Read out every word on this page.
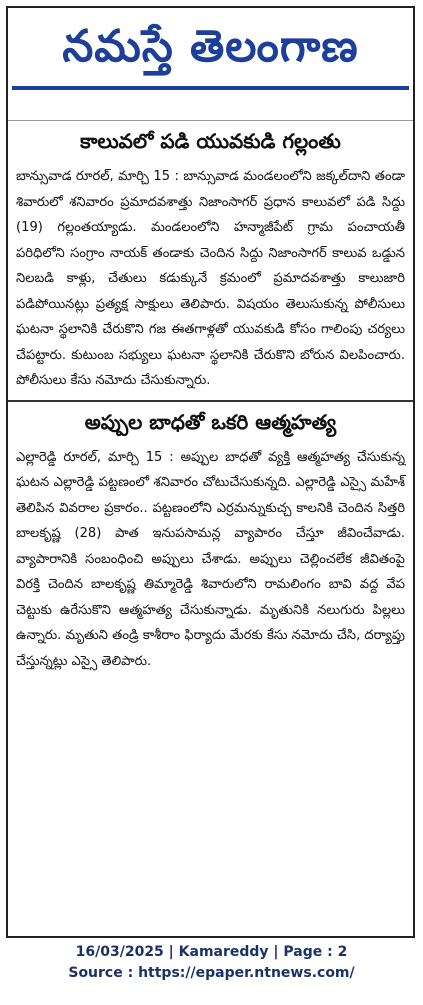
నమస్తే తెలంగాణ
కాలువలో పడి యువకుడి గల్లంతు

బాన్సువాడ రూరల్, మార్చి 15 : బాన్సువాడ మండలంలోని జక్కల్‌దాని తండా శివారులో శనివారం ప్రమాదవశాత్తు నిజాంసాగర్ ప్రధాన కాలువలో పడి సిద్దు (19) గల్లంతయ్యాడు. మండలంలోని హన్మాజీపేట్ గ్రామ పంచాయతీ పరిధిలోని సంగ్రాం నాయక్ తండాకు చెందిన సిద్దు నిజాంసాగర్ కాలువ ఒడ్డున నిలబడి కాళ్లు, చేతులు కడుక్కునే క్రమంలో ప్రమాదవశాత్తు కాలుజారి పడిపోయినట్లు ప్రత్యక్ష సాక్షులు తెలిపారు. విషయం తెలుసుకున్న పోలీసులు ఘటనా స్థలానికి చేరుకొని గజ ఈతగాళ్లతో యువకుడి కోసం గాలింపు చర్యలు చేపట్టారు. కుటుంబ సభ్యులు ఘటనా స్థలానికి చేరుకొని బోరున విలపించారు. పోలీసులు కేసు నమోదు చేసుకున్నారు.

అప్పుల బాధతో ఒకరి ఆత్మహత్య

ఎల్లారెడ్డి రూరల్, మార్చి 15 : అప్పుల బాధతో వ్యక్తి ఆత్మహత్య చేసుకున్న ఘటన ఎల్లారెడ్డి పట్టణంలో శనివారం చోటుచేసుకున్నది. ఎల్లారెడ్డి ఎస్సై మహేశ్ తెలిపిన వివరాల ప్రకారం.. పట్టణంలోని ఎర్రమన్నుకుచ్చ కాలనికి చెందిన సిత్తరి బాలకృష్ణ (28) పాత ఇనుపసామన్ల వ్యాపారం చేస్తూ జీవించేవాడు. వ్యాపారానికి సంబంధించి అప్పులు చేశాడు. అప్పులు చెల్లించలేక జీవితంపై విరక్తి చెందిన బాలకృష్ణ తిమ్మారెడ్డి శివారులోని రామలింగం బావి వద్ద వేప చెట్టుకు ఉరేసుకొని ఆత్మహత్య చేసుకున్నాడు. మృతునికి నలుగురు పిల్లలు ఉన్నారు. మృతుని తండ్రి కాశీరాం ఫిర్యాదు మేరకు కేసు నమోదు చేసి, దర్యాప్తు చేస్తున్నట్లు ఎస్సై తెలిపారు.

16/03/2025 | Kamareddy | Page : 2
Source : https://epaper.ntnews.com/
